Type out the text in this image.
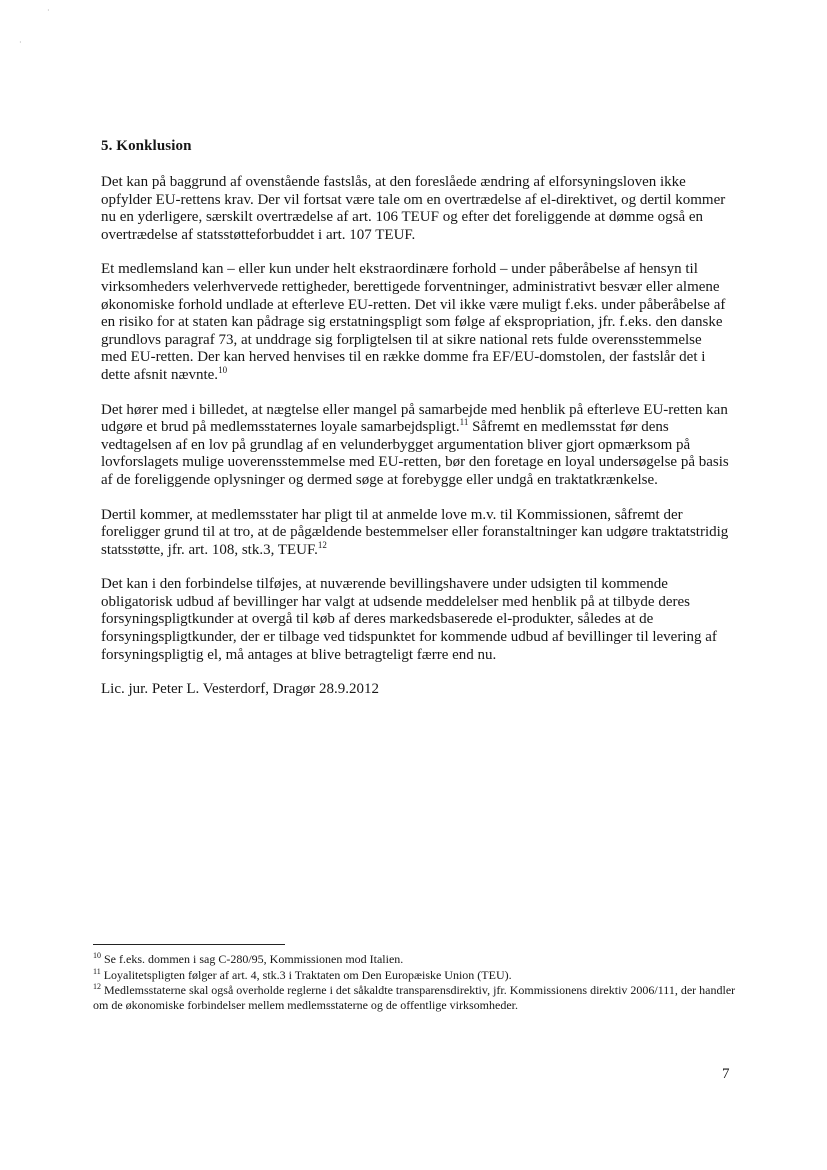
·
·
5. Konklusion

Det kan på baggrund af ovenstående fastslås, at den foreslåede ændring af elforsyningsloven ikke opfylder EU-rettens krav. Der vil fortsat være tale om en overtrædelse af el-direktivet, og dertil kommer nu en yderligere, særskilt overtrædelse af art. 106 TEUF og efter det foreliggende at dømme også en overtrædelse af statsstøtteforbuddet i art. 107 TEUF.

Et medlemsland kan – eller kun under helt ekstraordinære forhold – under påberåbelse af hensyn til virksomheders velerhvervede rettigheder, berettigede forventninger, administrativt besvær eller almene økonomiske forhold undlade at efterleve EU-retten. Det vil ikke være muligt f.eks. under påberåbelse af en risiko for at staten kan pådrage sig erstatningspligt som følge af ekspropriation, jfr. f.eks. den danske grundlovs paragraf 73, at unddrage sig forpligtelsen til at sikre national rets fulde overensstemmelse med EU-retten. Der kan herved henvises til en række domme fra EF/EU-domstolen, der fastslår det i dette afsnit nævnte.$^{10}$

Det hører med i billedet, at nægtelse eller mangel på samarbejde med henblik på efterleve EU-retten kan udgøre et brud på medlemsstaternes loyale samarbejdspligt.$^{11}$ Såfremt en medlemsstat før dens vedtagelsen af en lov på grundlag af en velunderbygget argumentation bliver gjort opmærksom på lovforslagets mulige uoverensstemmelse med EU-retten, bør den foretage en loyal undersøgelse på basis af de foreliggende oplysninger og dermed søge at forebygge eller undgå en traktatkrænkelse.

Dertil kommer, at medlemsstater har pligt til at anmelde love m.v. til Kommissionen, såfremt der foreligger grund til at tro, at de pågældende bestemmelser eller foranstaltninger kan udgøre traktatstridig statsstøtte, jfr. art. 108, stk.3, TEUF.$^{12}$

Det kan i den forbindelse tilføjes, at nuværende bevillingshavere under udsigten til kommende obligatorisk udbud af bevillinger har valgt at udsende meddelelser med henblik på at tilbyde deres forsyningspligtkunder at overgå til køb af deres markedsbaserede el-produkter, således at de forsyningspligtkunder, der er tilbage ved tidspunktet for kommende udbud af bevillinger til levering af forsyningspligtig el, må antages at blive betragteligt færre end nu.

Lic. jur. Peter L. Vesterdorf, Dragør 28.9.2012

$^{10}$ Se f.eks. dommen i sag C-280/95, Kommissionen mod Italien.
$^{11}$ Loyalitetspligten følger af art. 4, stk.3 i Traktaten om Den Europæiske Union (TEU).
$^{12}$ Medlemsstaterne skal også overholde reglerne i det såkaldte transparensdirektiv, jfr. Kommissionens direktiv 2006/111, der handler om de økonomiske forbindelser mellem medlemsstaterne og de offentlige virksomheder.
7
